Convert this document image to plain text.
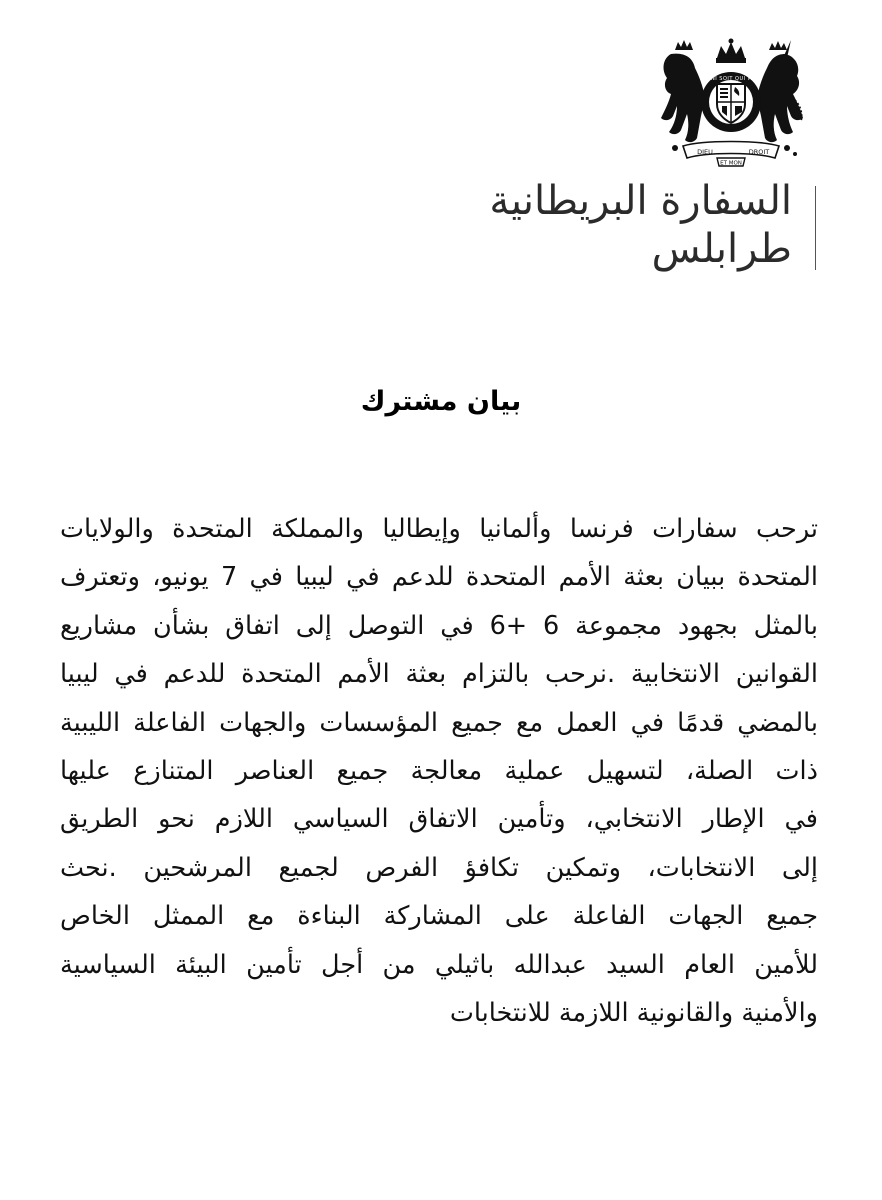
HONI SOIT QUI MAL
DIEU	DROIT
ET MON
السفارة البريطانية
طرابلس
بيان مشترك
ترحب سفارات فرنسا وألمانيا وإيطاليا والمملكة المتحدة والولايات
المتحدة ببيان بعثة الأمم المتحدة للدعم في ليبيا في 7 يونيو، وتعترف
بالمثل بجهود مجموعة 6 +6 في التوصل إلى اتفاق بشأن مشاريع
القوانين الانتخابية .نرحب بالتزام بعثة الأمم المتحدة للدعم في ليبيا
بالمضي قدمًا في العمل مع جميع المؤسسات والجهات الفاعلة الليبية
ذات الصلة، لتسهيل عملية معالجة جميع العناصر المتنازع عليها
في الإطار الانتخابي، وتأمين الاتفاق السياسي اللازم نحو الطريق
إلى الانتخابات، وتمكين تكافؤ الفرص لجميع المرشحين .نحث
جميع الجهات الفاعلة على المشاركة البناءة مع الممثل الخاص
للأمين العام السيد عبدالله باثيلي من أجل تأمين البيئة السياسية
والأمنية والقانونية اللازمة للانتخابات
